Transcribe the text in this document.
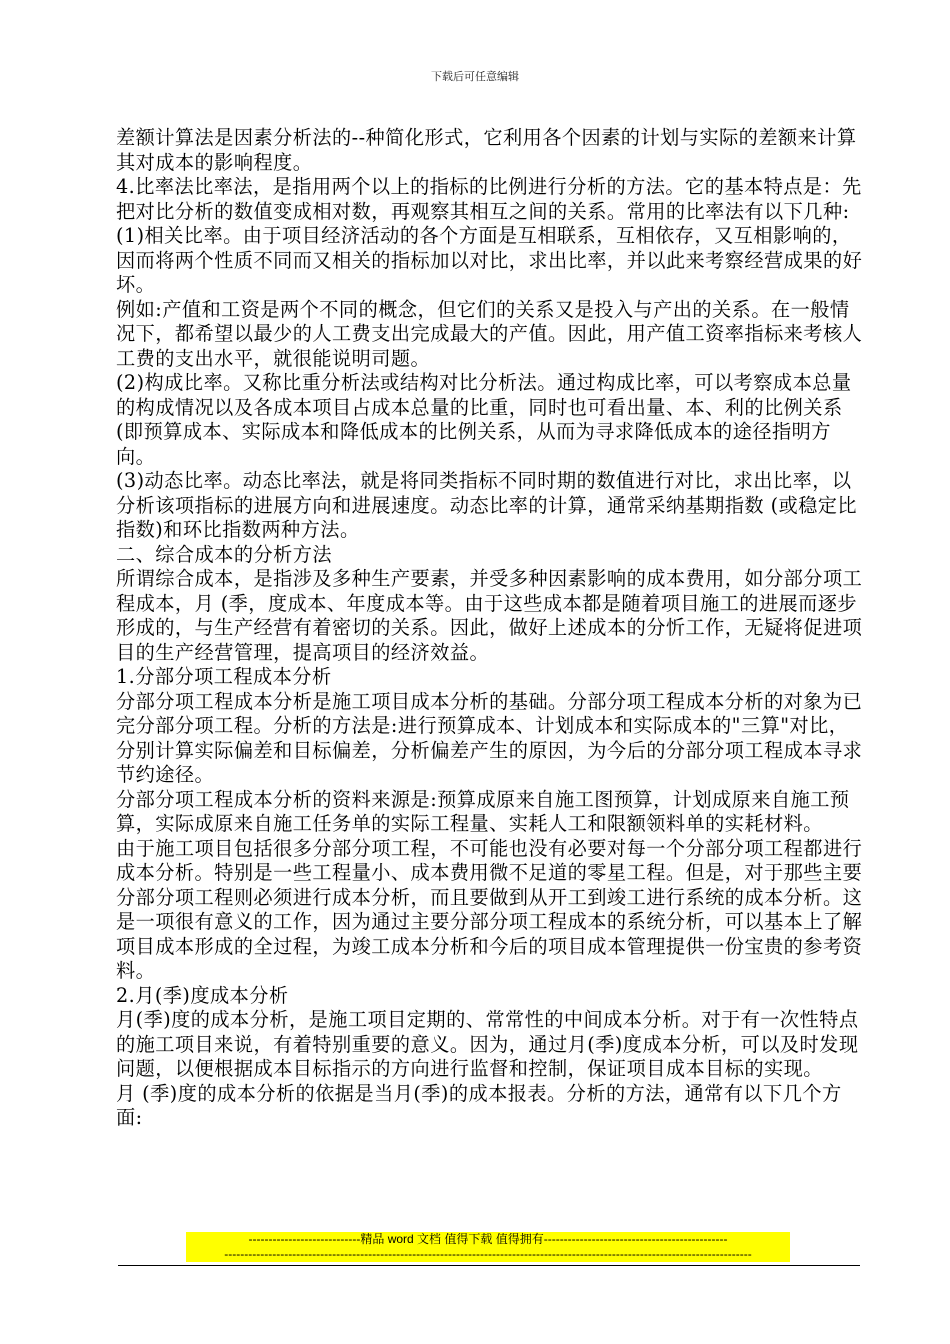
下载后可任意编辑

差额计算法是因素分析法的--种简化形式，它利用各个因素的计划与实际的差额来计算其对成本的影响程度。

4.比率法比率法，是指用两个以上的指标的比例进行分析的方法。它的基本特点是：先把对比分析的数值变成相对数，再观察其相互之间的关系。常用的比率法有以下几种:

(1)相关比率。由于项目经济活动的各个方面是互相联系，互相依存，又互相影响的，因而将两个性质不同而又相关的指标加以对比，求出比率，并以此来考察经营成果的好坏。

例如:产值和工资是两个不同的概念，但它们的关系又是投入与产出的关系。在一般情况下，都希望以最少的人工费支出完成最大的产值。因此，用产值工资率指标来考核人工费的支出水平，就很能说明司题。

(2)构成比率。又称比重分析法或结构对比分析法。通过构成比率，可以考察成本总量的构成情况以及各成本项目占成本总量的比重，同时也可看出量、本、利的比例关系(即预算成本、实际成本和降低成本的比例关系，从而为寻求降低成本的途径指明方向。

(3)动态比率。动态比率法，就是将同类指标不同时期的数值进行对比，求出比率，以分析该项指标的进展方向和进展速度。动态比率的计算，通常采纳基期指数 (或稳定比指数)和环比指数两种方法。

二、综合成本的分析方法

所谓综合成本，是指涉及多种生产要素，并受多种因素影响的成本费用，如分部分项工程成本，月 (季，度成本、年度成本等。由于这些成本都是随着项目施工的进展而逐步形成的，与生产经营有着密切的关系。因此，做好上述成本的分忻工作，无疑将促进项目的生产经营管理，提高项目的经济效益。

1.分部分项工程成本分析

分部分项工程成本分析是施工项目成本分析的基础。分部分项工程成本分析的对象为已完分部分项工程。分析的方法是:进行预算成本、计划成本和实际成本的"三算"对比，分别计算实际偏差和目标偏差，分析偏差产生的原因，为今后的分部分项工程成本寻求节约途径。

分部分项工程成本分析的资料来源是:预算成原来自施工图预算，计划成原来自施工预算，实际成原来自施工任务单的实际工程量、实耗人工和限额领料单的实耗材料。

由于施工项目包括很多分部分项工程，不可能也没有必要对每一个分部分项工程都进行成本分析。特别是一些工程量小、成本费用微不足道的零星工程。但是，对于那些主要分部分项工程则必须进行成本分析，而且要做到从开工到竣工进行系统的成本分析。这是一项很有意义的工作，因为通过主要分部分项工程成本的系统分析，可以基本上了解项目成本形成的全过程，为竣工成本分析和今后的项目成本管理提供一份宝贵的参考资料。

2.月(季)度成本分析

月(季)度的成本分析，是施工项目定期的、常常性的中间成本分析。对于有一次性特点的施工项目来说，有着特别重要的意义。因为，通过月(季)度成本分析，可以及时发现问题，以便根据成本目标指示的方向进行监督和控制，保证项目成本目标的实现。

月 (季)度的成本分析的依据是当月(季)的成本报表。分析的方法，通常有以下几个方面:

----------------------------精品 word 文档 值得下载 值得拥有----------------------------------------------
------------------------------------------------------------------------------------------------------------------------------------
